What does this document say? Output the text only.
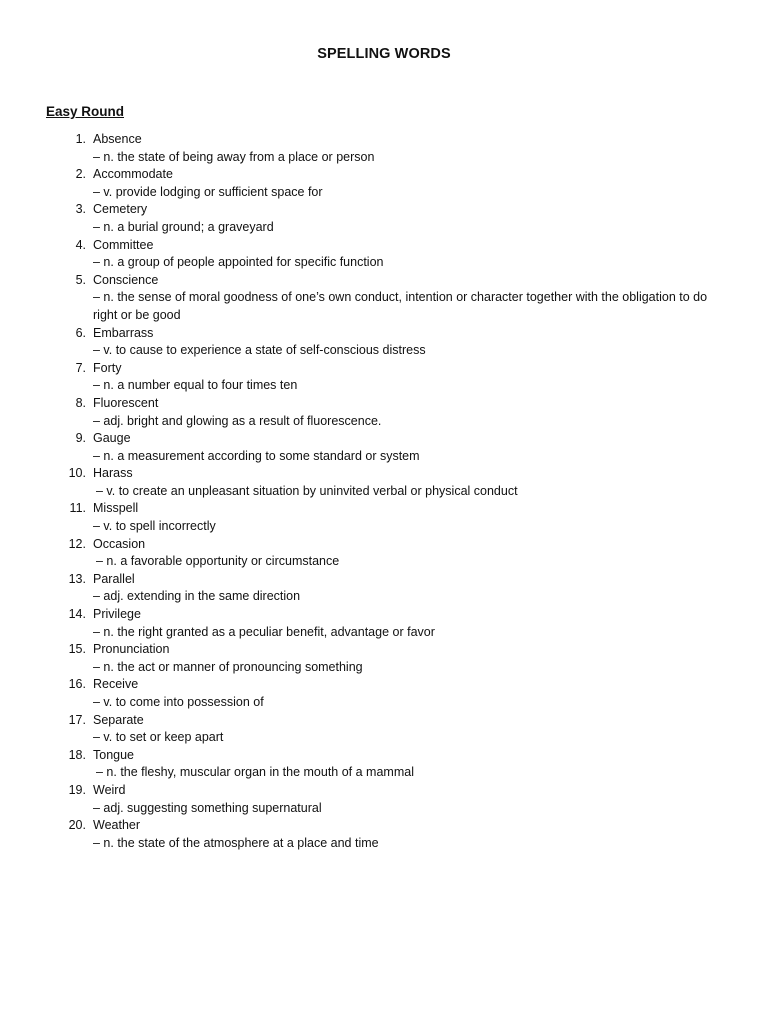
SPELLING WORDS
Easy Round
1. Absence
– n. the state of being away from a place or person
2. Accommodate
– v. provide lodging or sufficient space for
3. Cemetery
– n. a burial ground; a graveyard
4. Committee
– n. a group of people appointed for specific function
5. Conscience
– n. the sense of moral goodness of one’s own conduct, intention or character together with the obligation to do right or be good
6. Embarrass
– v. to cause to experience a state of self-conscious distress
7. Forty
– n. a number equal to four times ten
8. Fluorescent
– adj. bright and glowing as a result of fluorescence.
9. Gauge
– n. a measurement according to some standard or system
10. Harass
– v. to create an unpleasant situation by uninvited verbal or physical conduct
11. Misspell
– v. to spell incorrectly
12. Occasion
– n. a favorable opportunity or circumstance
13. Parallel
– adj. extending in the same direction
14. Privilege
– n. the right granted as a peculiar benefit, advantage or favor
15. Pronunciation
– n. the act or manner of pronouncing something
16. Receive
– v. to come into possession of
17. Separate
– v. to set or keep apart
18. Tongue
– n. the fleshy, muscular organ in the mouth of a mammal
19. Weird
– adj. suggesting something supernatural
20. Weather
– n. the state of the atmosphere at a place and time
